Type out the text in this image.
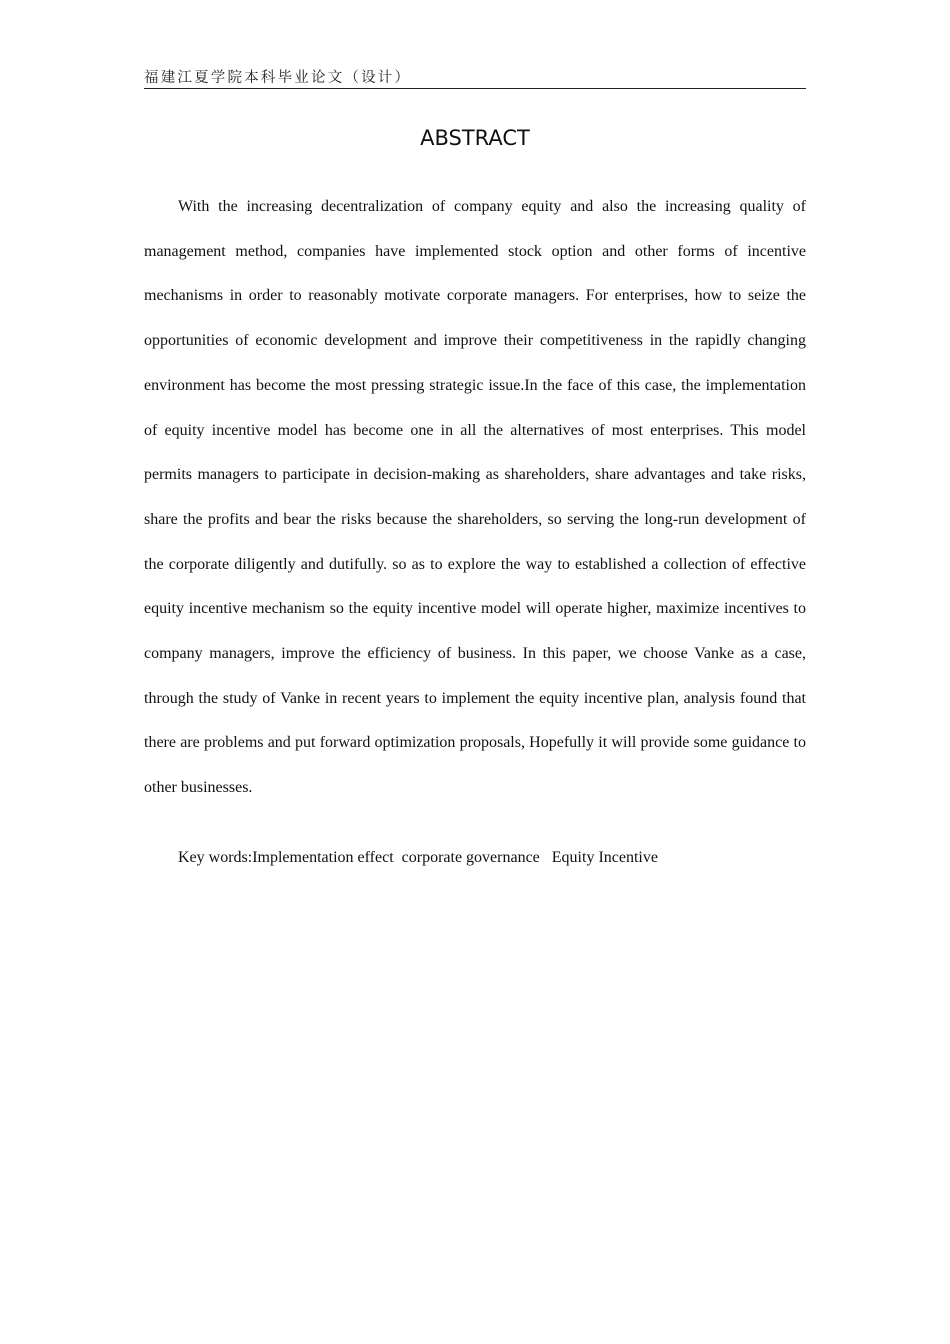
福建江夏学院本科毕业论文（设计）
ABSTRACT

With the increasing decentralization of company equity and also the increasing quality of management method, companies have implemented stock option and other forms of incentive mechanisms in order to reasonably motivate corporate managers. For enterprises, how to seize the opportunities of economic development and improve their competitiveness in the rapidly changing environment has become the most pressing strategic issue.In the face of this case, the implementation of equity incentive model has become one in all the alternatives of most enterprises. This model permits managers to participate in decision-making as shareholders, share advantages and take risks, share the profits and bear the risks because the shareholders, so serving the long-run development of the corporate diligently and dutifully. so as to explore the way to established a collection of effective equity incentive mechanism so the equity incentive model will operate higher, maximize incentives to company managers, improve the efficiency of business. In this paper, we choose Vanke as a case, through the study of Vanke in recent years to implement the equity incentive plan, analysis found that there are problems and put forward optimization proposals, Hopefully it will provide some guidance to other businesses.

Key words:Implementation effect  corporate governance   Equity Incentive
